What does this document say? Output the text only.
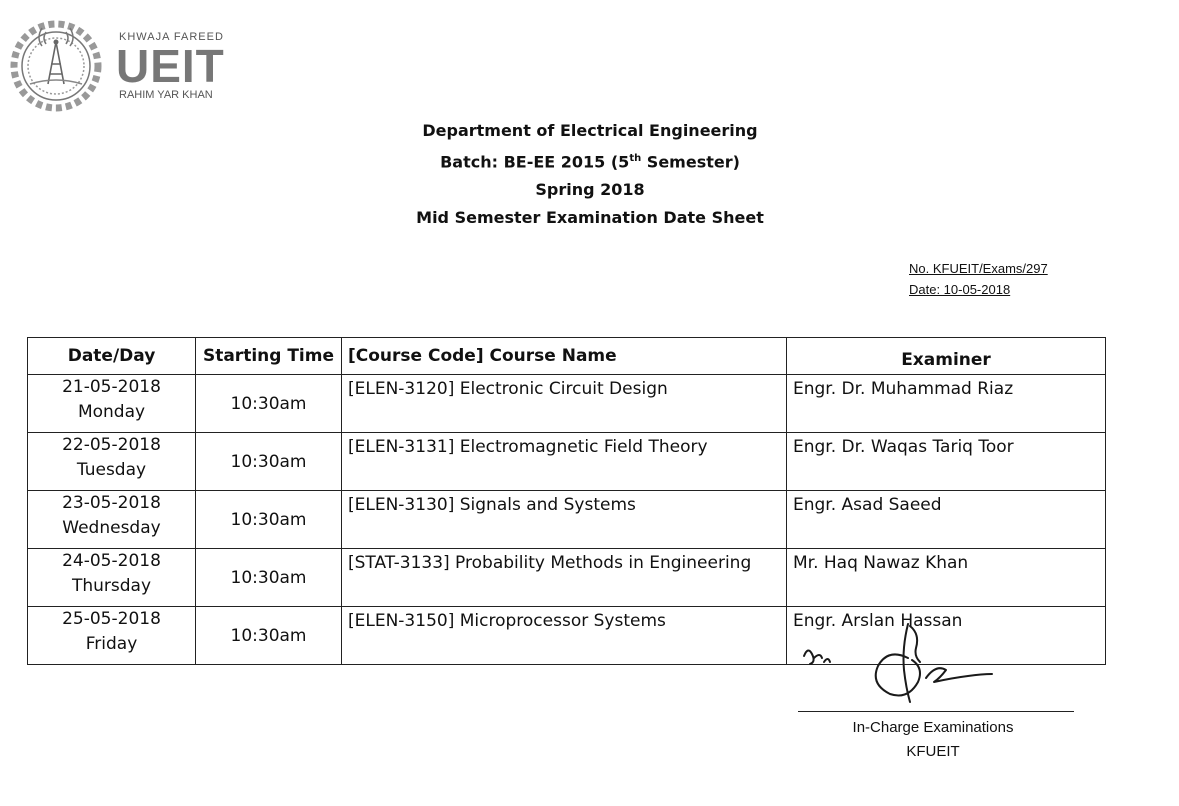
KHWAJA FAREED
UEIT
RAHIM YAR KHAN
Department of Electrical Engineering
Batch: BE-EE 2015 (5th Semester)
Spring 2018
Mid Semester Examination Date Sheet
No. KFUEIT/Exams/297
Date: 10-05-2018
Date/Day	Starting Time	[Course Code] Course Name	Examiner

21-05-2018
Monday	10:30am	[ELEN-3120] Electronic Circuit Design	Engr. Dr. Muhammad Riaz

22-05-2018
Tuesday	10:30am	[ELEN-3131] Electromagnetic Field Theory	Engr. Dr. Waqas Tariq Toor

23-05-2018
Wednesday	10:30am	[ELEN-3130] Signals and Systems	Engr. Asad Saeed

24-05-2018
Thursday	10:30am	[STAT-3133] Probability Methods in Engineering	Mr. Haq Nawaz Khan

25-05-2018
Friday	10:30am	[ELEN-3150] Microprocessor Systems	Engr. Arslan Hassan
In-Charge Examinations
KFUEIT
